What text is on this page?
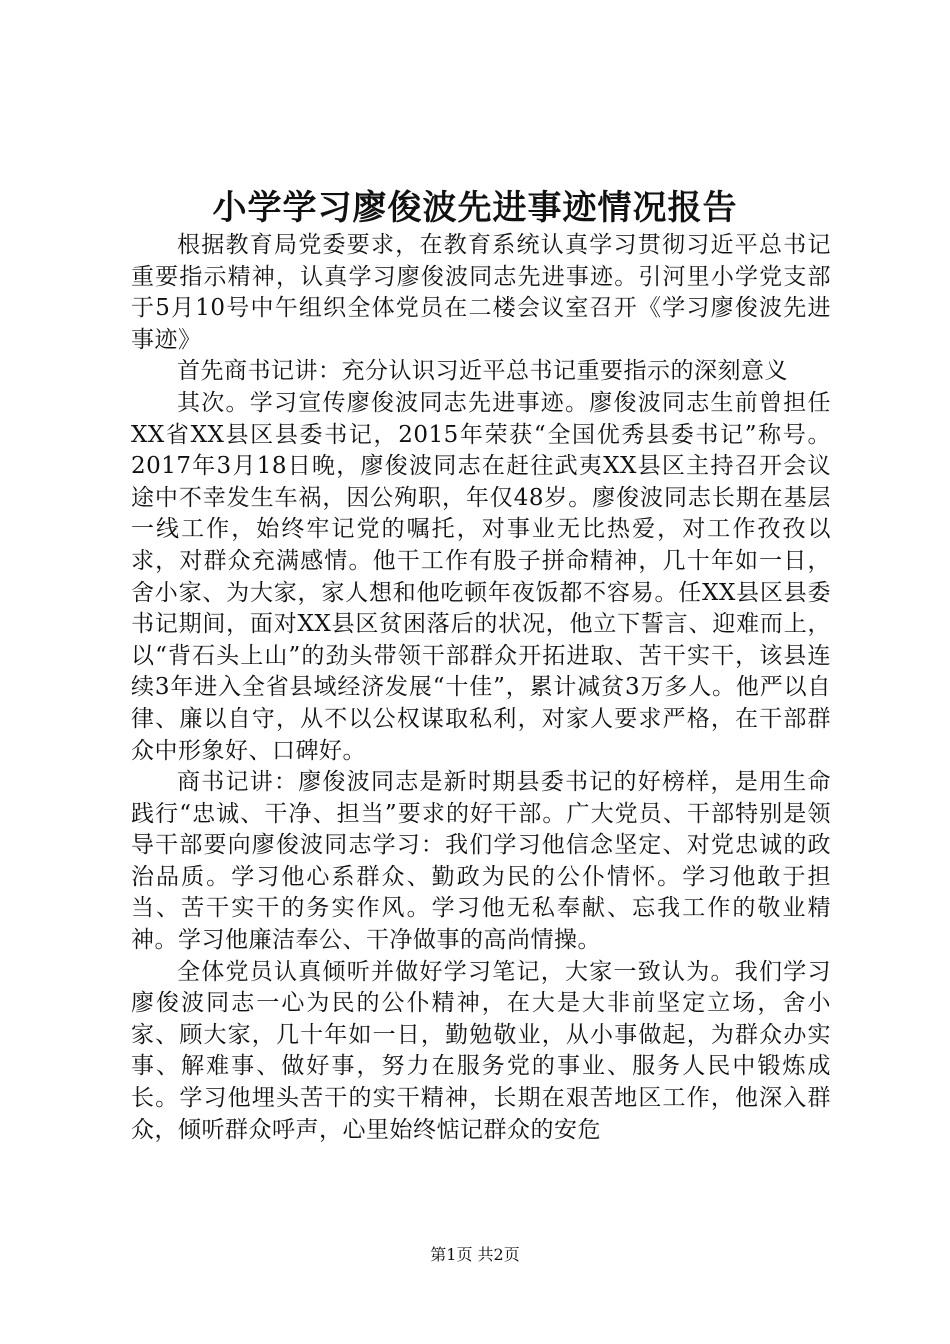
小学学习廖俊波先进事迹情况报告

根据教育局党委要求，在教育系统认真学习贯彻习近平总书记重要指示精神，认真学习廖俊波同志先进事迹。引河里小学党支部于5月10号中午组织全体党员在二楼会议室召开《学习廖俊波先进事迹》

首先商书记讲：充分认识习近平总书记重要指示的深刻意义

其次。学习宣传廖俊波同志先进事迹。廖俊波同志生前曾担任XX省XX县区县委书记，2015年荣获“全国优秀县委书记”称号。2017年3月18日晚，廖俊波同志在赶往武夷XX县区主持召开会议途中不幸发生车祸，因公殉职，年仅48岁。廖俊波同志长期在基层一线工作，始终牢记党的嘱托，对事业无比热爱，对工作孜孜以求，对群众充满感情。他干工作有股子拼命精神，几十年如一日，舍小家、为大家，家人想和他吃顿年夜饭都不容易。任XX县区县委书记期间，面对XX县区贫困落后的状况，他立下誓言、迎难而上，以“背石头上山”的劲头带领干部群众开拓进取、苦干实干，该县连续3年进入全省县域经济发展“十佳”，累计减贫3万多人。他严以自律、廉以自守，从不以公权谋取私利，对家人要求严格，在干部群众中形象好、口碑好。

商书记讲：廖俊波同志是新时期县委书记的好榜样，是用生命践行“忠诚、干净、担当”要求的好干部。广大党员、干部特别是领导干部要向廖俊波同志学习：我们学习他信念坚定、对党忠诚的政治品质。学习他心系群众、勤政为民的公仆情怀。学习他敢于担当、苦干实干的务实作风。学习他无私奉献、忘我工作的敬业精神。学习他廉洁奉公、干净做事的高尚情操。

全体党员认真倾听并做好学习笔记，大家一致认为。我们学习廖俊波同志一心为民的公仆精神，在大是大非前坚定立场，舍小家、顾大家，几十年如一日，勤勉敬业，从小事做起，为群众办实事、解难事、做好事，努力在服务党的事业、服务人民中锻炼成长。学习他埋头苦干的实干精神，长期在艰苦地区工作，他深入群众，倾听群众呼声，心里始终惦记群众的安危

第1页 共2页
